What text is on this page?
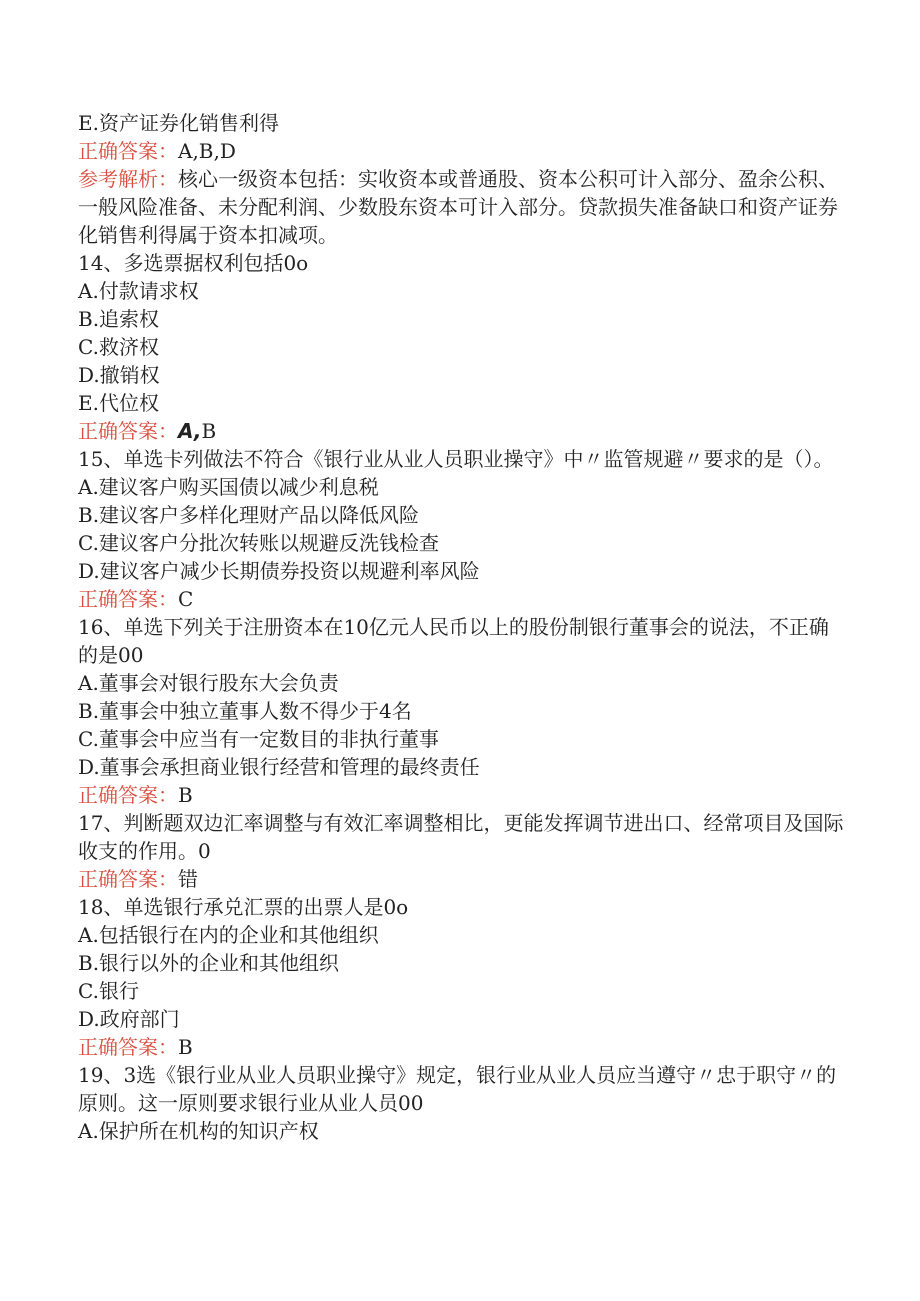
E.资产证券化销售利得

正确答案：A,B,D

参考解析：核心一级资本包括：实收资本或普通股、资本公积可计入部分、盈余公积、一般风险准备、未分配利润、少数股东资本可计入部分。贷款损失准备缺口和资产证券化销售利得属于资本扣减项。

14、多选票据权利包括0o

A.付款请求权

B.追索权

C.救济权

D.撤销权

E.代位权

正确答案：A,B

15、单选卡列做法不符合《银行业从业人员职业操守》中〃监管规避〃要求的是（）。

A.建议客户购买国债以减少利息税

B.建议客户多样化理财产品以降低风险

C.建议客户分批次转账以规避反洗钱检查

D.建议客户减少长期债券投资以规避利率风险

正确答案：C

16、单选下列关于注册资本在10亿元人民币以上的股份制银行董事会的说法，不正确的是00

A.董事会对银行股东大会负责

B.董事会中独立董事人数不得少于4名

C.董事会中应当有一定数目的非执行董事

D.董事会承担商业银行经营和管理的最终责任

正确答案：B

17、判断题双边汇率调整与有效汇率调整相比，更能发挥调节进出口、经常项目及国际收支的作用。0

正确答案：错

18、单选银行承兑汇票的出票人是0o

A.包括银行在内的企业和其他组织

B.银行以外的企业和其他组织

C.银行

D.政府部门

正确答案：B

19、3选《银行业从业人员职业操守》规定，银行业从业人员应当遵守〃忠于职守〃的原则。这一原则要求银行业从业人员00

A.保护所在机构的知识产权
